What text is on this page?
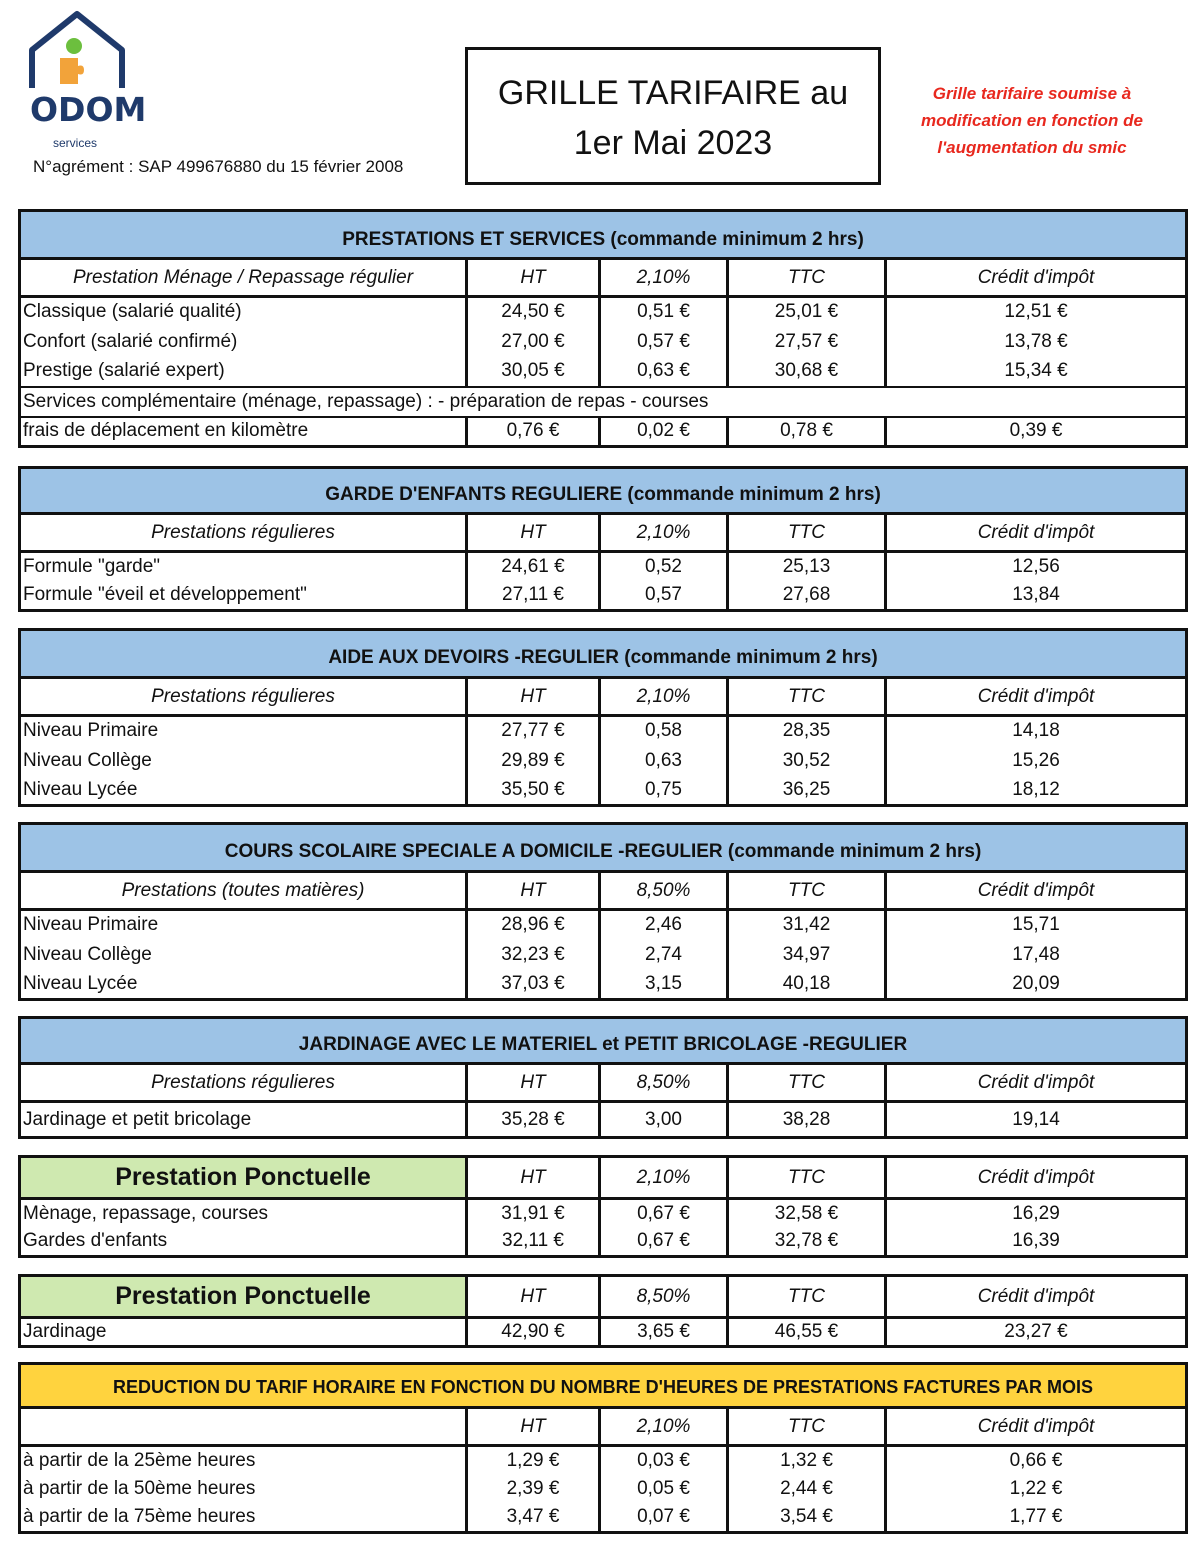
ODOM
services
N°agrément : SAP 499676880 du 15 février 2008
GRILLE TARIFAIRE au
1er Mai 2023
Grille tarifaire soumise à modification en fonction de l'augmentation du smic
PRESTATIONS ET SERVICES (commande minimum 2 hrs)				
Prestation Ménage / Repassage régulier	HT	2,10%	TTC	Crédit d'impôt
Classique (salarié qualité)	24,50 €	0,51 €	25,01 €	12,51 €
Confort (salarié confirmé)	27,00 €	0,57 €	27,57 €	13,78 €
Prestige (salarié expert)	30,05 €	0,63 €	30,68 €	15,34 €
Services complémentaire (ménage, repassage) : - préparation de repas - courses				
frais de déplacement en kilomètre	0,76 €	0,02 €	0,78 €	0,39 €
GARDE D'ENFANTS REGULIERE (commande minimum 2 hrs)				
Prestations régulieres	HT	2,10%	TTC	Crédit d'impôt
Formule "garde"	24,61 €	0,52	25,13	12,56
Formule "éveil et développement"	27,11 €	0,57	27,68	13,84
AIDE AUX DEVOIRS -REGULIER (commande minimum 2 hrs)				
Prestations régulieres	HT	2,10%	TTC	Crédit d'impôt
Niveau Primaire	27,77 €	0,58	28,35	14,18
Niveau Collège	29,89 €	0,63	30,52	15,26
Niveau Lycée	35,50 €	0,75	36,25	18,12
COURS SCOLAIRE SPECIALE A DOMICILE -REGULIER (commande minimum 2 hrs)				
Prestations (toutes matières)	HT	8,50%	TTC	Crédit d'impôt
Niveau Primaire	28,96 €	2,46	31,42	15,71
Niveau Collège	32,23 €	2,74	34,97	17,48
Niveau Lycée	37,03 €	3,15	40,18	20,09
JARDINAGE AVEC LE MATERIEL et PETIT BRICOLAGE -REGULIER				
Prestations régulieres	HT	8,50%	TTC	Crédit d'impôt
Jardinage et petit bricolage	35,28 €	3,00	38,28	19,14
Prestation Ponctuelle	HT	2,10%	TTC	Crédit d'impôt
Mènage, repassage, courses	31,91 €	0,67 €	32,58 €	16,29
Gardes d'enfants	32,11 €	0,67 €	32,78 €	16,39
Prestation Ponctuelle	HT	8,50%	TTC	Crédit d'impôt
Jardinage	42,90 €	3,65 €	46,55 €	23,27 €
REDUCTION DU TARIF HORAIRE EN FONCTION DU NOMBRE D'HEURES DE PRESTATIONS FACTURES PAR MOIS				
	HT	2,10%	TTC	Crédit d'impôt
à partir de la 25ème heures	1,29 €	0,03 €	1,32 €	0,66 €
à partir de la 50ème heures	2,39 €	0,05 €	2,44 €	1,22 €
à partir de la 75ème heures	3,47 €	0,07 €	3,54 €	1,77 €
